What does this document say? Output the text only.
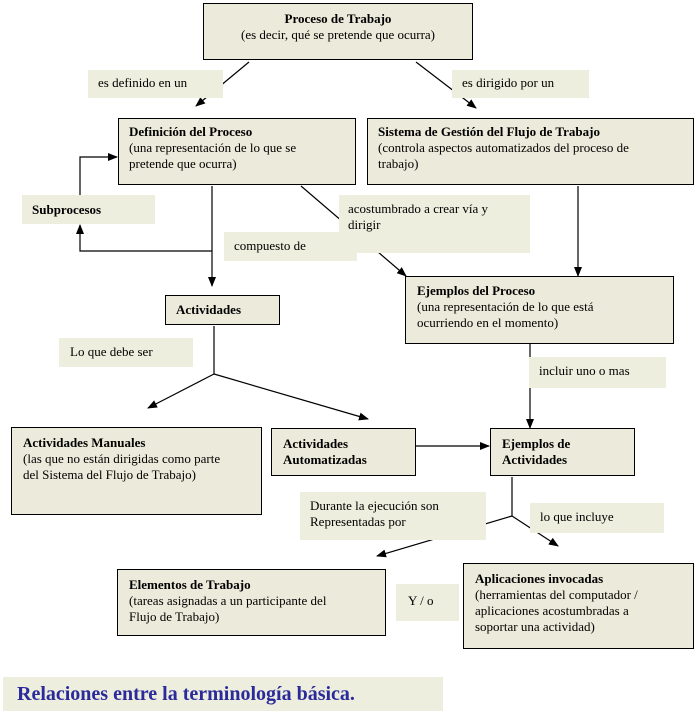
Proceso de Trabajo
(es decir, qué se pretende que ocurra)
Definición del Proceso
(una representación de lo que se
pretende que ocurra)
Sistema de Gestión del Flujo de Trabajo
(controla aspectos automatizados del proceso de
trabajo)
Actividades
Ejemplos del Proceso
(una representación de lo que está
ocurriendo en el momento)
Actividades Manuales
(las que no están dirigidas como parte
del Sistema del Flujo de Trabajo)
Actividades
Automatizadas
Ejemplos de
Actividades
Elementos de Trabajo
(tareas asignadas a un participante del
Flujo de Trabajo)
Aplicaciones invocadas
(herramientas del computador /
aplicaciones acostumbradas a
soportar una actividad)
es definido en un	es dirigido por un
Subprocesos	acostumbrado a crear vía y
dirigir
compuesto de
Lo que debe ser
incluir uno o mas
Durante la ejecución son
Representadas por	lo que incluye
Y / o
Relaciones entre la terminología básica.
